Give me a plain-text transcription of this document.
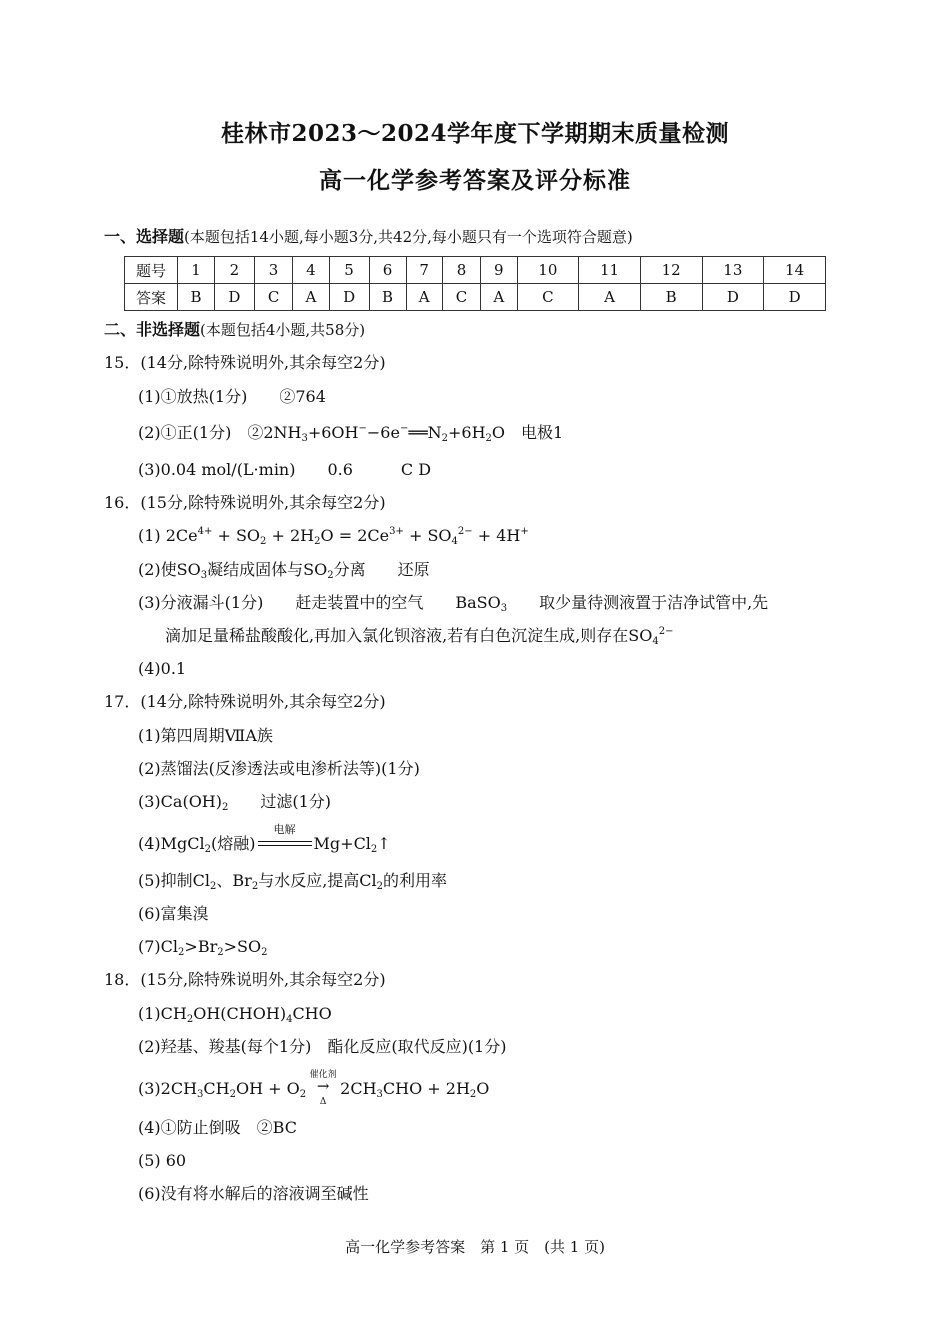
桂林市2023～2024学年度下学期期末质量检测
高一化学参考答案及评分标准
一、选择题(本题包括14小题,每小题3分,共42分,每小题只有一个选项符合题意)
题号	1	2	3	4	5	6	7	8	9	10	11	12	13	14
答案	B	D	C	A	D	B	A	C	A	C	A	B	D	D
二、非选择题(本题包括4小题,共58分)
15．(14分,除特殊说明外,其余每空2分)
(1)①放热(1分)　　②764
(2)①正(1分)　$②2NH_3+6OH^--6e^-══N_2+6H_2O$　电极1
(3)0.04 mol/(L·min)　　0.6　　　C D
16．(15分,除特殊说明外,其余每空2分)
(1) $2Ce^{4+} + SO_2 + 2H_2O = 2Ce^{3+} + SO_4^{2-} + 4H^+$
(2)使$SO_3$凝结成固体与$SO_2$分离　　还原
(3)分液漏斗(1分)　　赶走装置中的空气　　BaSO$_3$　　取少量待测液置于洁净试管中,先
滴加足量稀盐酸酸化,再加入氯化钡溶液,若有白色沉淀生成,则存在$SO_4^{2-}$
(4)0.1
17．(14分,除特殊说明外,其余每空2分)
(1)第四周期ⅦA族
(2)蒸馏法(反渗透法或电渗析法等)(1分)
$(3)Ca(OH)_2$　　过滤(1分)
(4)MgCl$_2$(熔融)
电解
$Mg+Cl_2↑$
(5)抑制$Cl_2$、$Br_2$与水反应,提高$Cl_2$的利用率
(6)富集溴
$(7)Cl_2>Br_2>SO_2$
18．(15分,除特殊说明外,其余每空2分)
$(1)CH_2OH(CHOH)_4CHO$
(2)羟基、羧基(每个1分)　酯化反应(取代反应)(1分)
$(3)2CH_3CH_2OH + O_2$
催化剂
→
Δ
$2CH_3CHO + 2H_2O$
(4)①防止倒吸　②BC
(5) 60
(6)没有将水解后的溶液调至碱性
高一化学参考答案　第 1 页　(共 1 页)
